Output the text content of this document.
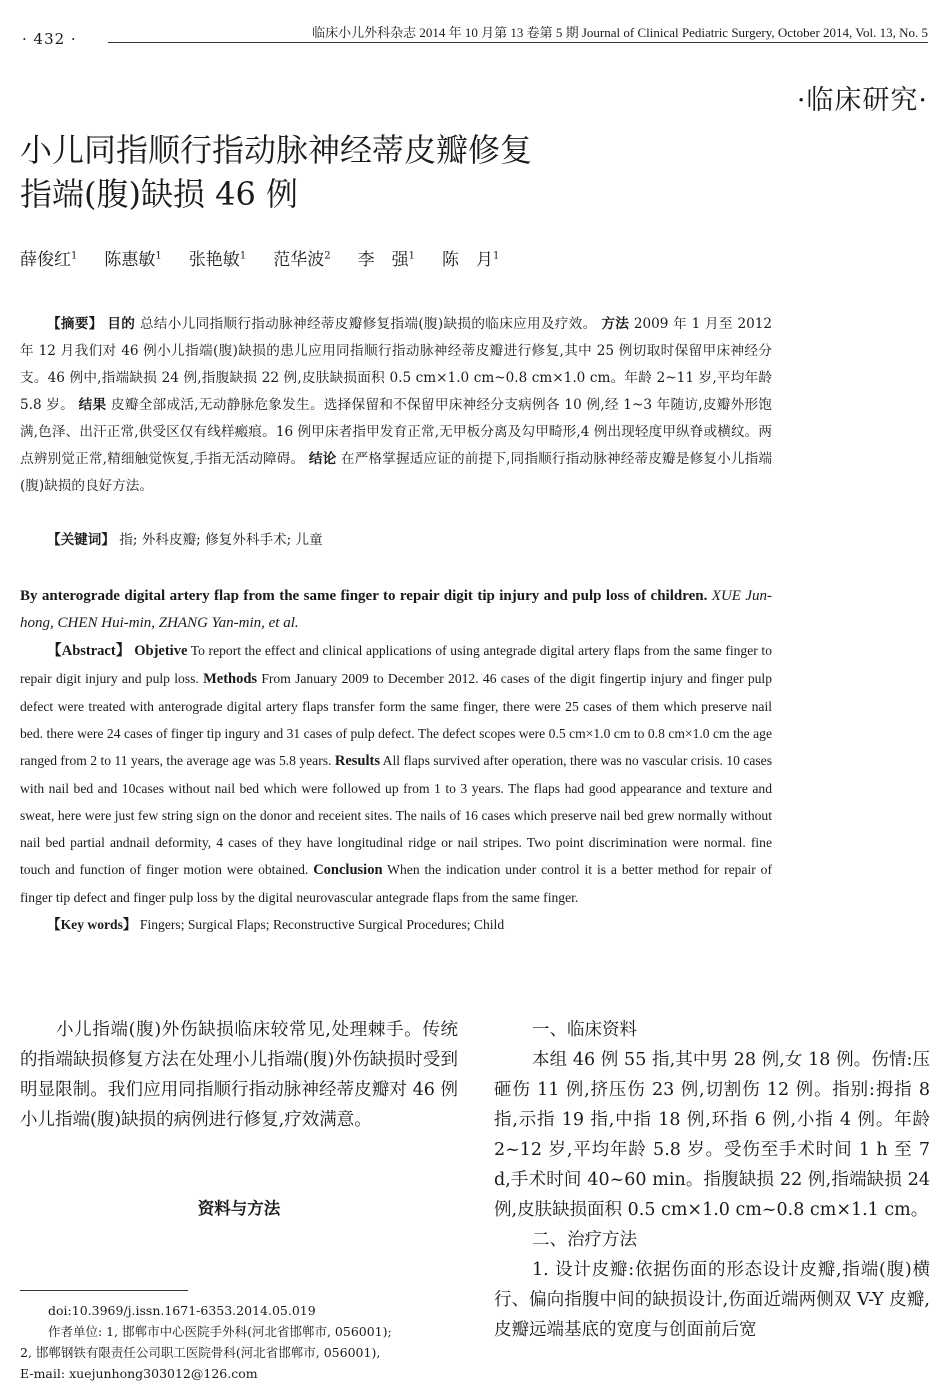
· 432 ·	临床小儿外科杂志 2014 年 10 月第 13 卷第 5 期 Journal of Clinical Pediatric Surgery, October 2014, Vol. 13, No. 5
·临床研究·
小儿同指顺行指动脉神经蒂皮瓣修复
指端(腹)缺损 46 例
薛俊红$^1$ 陈惠敏$^1$ 张艳敏$^1$ 范华波$^2$ 李　强$^1$ 陈　月$^1$
【摘要】 目的 总结小儿同指顺行指动脉神经蒂皮瓣修复指端(腹)缺损的临床应用及疗效。 方法 2009 年 1 月至 2012 年 12 月我们对 46 例小儿指端(腹)缺损的患儿应用同指顺行指动脉神经蒂皮瓣进行修复,其中 25 例切取时保留甲床神经分支。46 例中,指端缺损 24 例,指腹缺损 22 例,皮肤缺损面积 0.5 cm×1.0 cm~0.8 cm×1.0 cm。年龄 2~11 岁,平均年龄 5.8 岁。 结果 皮瓣全部成活,无动静脉危象发生。选择保留和不保留甲床神经分支病例各 10 例,经 1~3 年随访,皮瓣外形饱满,色泽、出汗正常,供受区仅有线样瘢痕。16 例甲床者指甲发育正常,无甲板分离及勾甲畸形,4 例出现轻度甲纵脊或横纹。两点辨别觉正常,精细触觉恢复,手指无活动障碍。 结论 在严格掌握适应证的前提下,同指顺行指动脉神经蒂皮瓣是修复小儿指端(腹)缺损的良好方法。
【关键词】 指; 外科皮瓣; 修复外科手术; 儿童
By anterograde digital artery flap from the same finger to repair digit tip injury and pulp loss of children. XUE Jun-hong, CHEN Hui-min, ZHANG Yan-min, et al.
【Abstract】 Objetive To report the effect and clinical applications of using antegrade digital artery flaps from the same finger to repair digit injury and pulp loss. Methods From January 2009 to December 2012. 46 cases of the digit fingertip injury and finger pulp defect were treated with anterograde digital artery flaps transfer form the same finger, there were 25 cases of them which preserve nail bed. there were 24 cases of finger tip ingury and 31 cases of pulp defect. The defect scopes were 0.5 cm×1.0 cm to 0.8 cm×1.0 cm the age ranged from 2 to 11 years, the average age was 5.8 years. Results All flaps survived after operation, there was no vascular crisis. 10 cases with nail bed and 10cases without nail bed which were followed up from 1 to 3 years. The flaps had good appearance and texture and sweat, here were just few string sign on the donor and receient sites. The nails of 16 cases which preserve nail bed grew normally without nail bed partial andnail deformity, 4 cases of they have longitudinal ridge or nail stripes. Two point discrimination were normal. fine touch and function of finger motion were obtained. Conclusion When the indication under control it is a better method for repair of finger tip defect and finger pulp loss by the digital neurovascular antegrade flaps from the same finger.
【Key words】 Fingers; Surgical Flaps; Reconstructive Surgical Procedures; Child
小儿指端(腹)外伤缺损临床较常见,处理棘手。传统的指端缺损修复方法在处理小儿指端(腹)外伤缺损时受到明显限制。我们应用同指顺行指动脉神经蒂皮瓣对 46 例小儿指端(腹)缺损的病例进行修复,疗效满意。
资料与方法
doi:10.3969/j.issn.1671-6353.2014.05.019
作者单位: 1, 邯郸市中心医院手外科(河北省邯郸市, 056001);
2, 邯郸钢铁有限责任公司职工医院骨科(河北省邯郸市, 056001),
E-mail: xuejunhong303012@126.com
一、临床资料
本组 46 例 55 指,其中男 28 例,女 18 例。伤情:压砸伤 11 例,挤压伤 23 例,切割伤 12 例。指别:拇指 8 指,示指 19 指,中指 18 例,环指 6 例,小指 4 例。年龄 2~12 岁,平均年龄 5.8 岁。受伤至手术时间 1 h 至 7 d,手术时间 40~60 min。指腹缺损 22 例,指端缺损 24 例,皮肤缺损面积 0.5 cm×1.0 cm~0.8 cm×1.1 cm。
二、治疗方法
1. 设计皮瓣:依据伤面的形态设计皮瓣,指端(腹)横行、偏向指腹中间的缺损设计,伤面近端两侧双 V-Y 皮瓣,皮瓣远端基底的宽度与创面前后宽
